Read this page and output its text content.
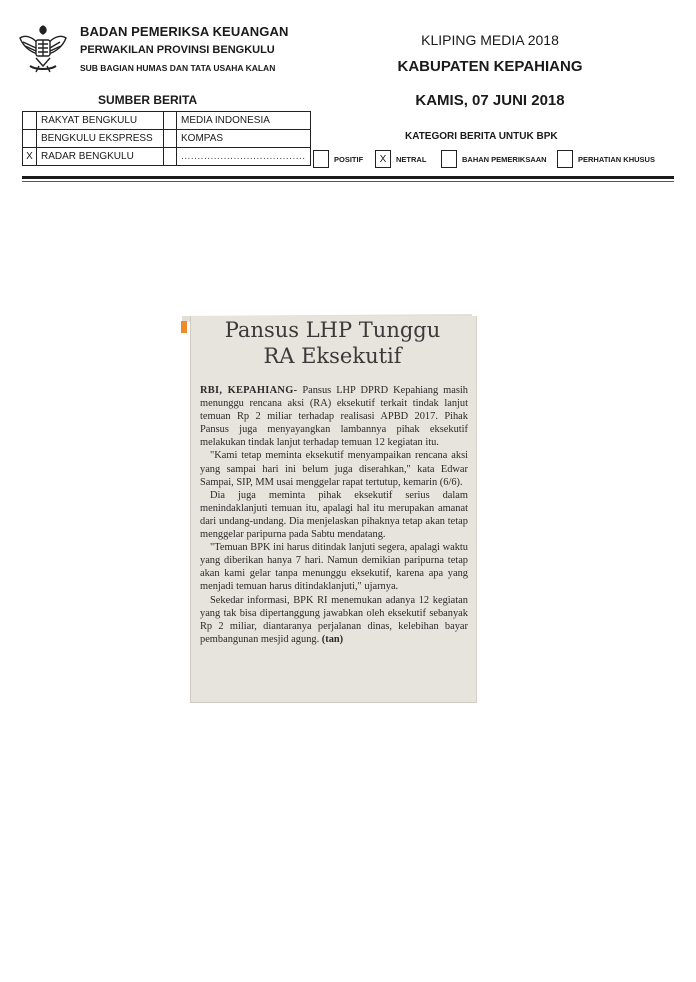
BADAN PEMERIKSA KEUANGAN
PERWAKILAN PROVINSI BENGKULU
SUB BAGIAN HUMAS DAN TATA USAHA KALAN
KLIPING MEDIA 2018
KABUPATEN KEPAHIANG
KAMIS, 07 JUNI 2018
SUMBER BERITA
	RAKYAT BENGKULU		MEDIA INDONESIA
	BENGKULU EKSPRESS		KOMPAS
X	RADAR BENGKULU		......................................
KATEGORI BERITA UNTUK BPK
POSITIF	X	NETRAL	BAHAN PEMERIKSAAN	PERHATIAN KHUSUS
Pansus LHP Tunggu
RA Eksekutif

RBI, KEPAHIANG- Pansus LHP DPRD Kepahiang masih menunggu rencana aksi (RA) eksekutif terkait tindak lanjut temuan Rp 2 miliar terhadap realisasi APBD 2017. Pihak Pansus juga menyayangkan lambannya pihak eksekutif melakukan tindak lanjut terhadap temuan 12 kegiatan itu.

"Kami tetap meminta eksekutif menyampaikan rencana aksi yang sampai hari ini belum juga diserahkan," kata Edwar Sampai, SIP, MM usai menggelar rapat tertutup, kemarin (6/6).

Dia juga meminta pihak eksekutif serius dalam menindaklanjuti temuan itu, apalagi hal itu merupakan amanat dari undang-undang. Dia menjelaskan pihaknya tetap akan tetap menggelar paripurna pada Sabtu mendatang.

"Temuan BPK ini harus ditindak lanjuti segera, apalagi waktu yang diberikan hanya 7 hari. Namun demikian paripurna tetap akan kami gelar tanpa menunggu eksekutif, karena apa yang menjadi temuan harus ditindaklanjuti," ujarnya.

Sekedar informasi, BPK RI menemukan adanya 12 kegiatan yang tak bisa dipertanggung jawabkan oleh eksekutif sebanyak Rp 2 miliar, diantaranya perjalanan dinas, kelebihan bayar pembangunan mesjid agung. (tan)
